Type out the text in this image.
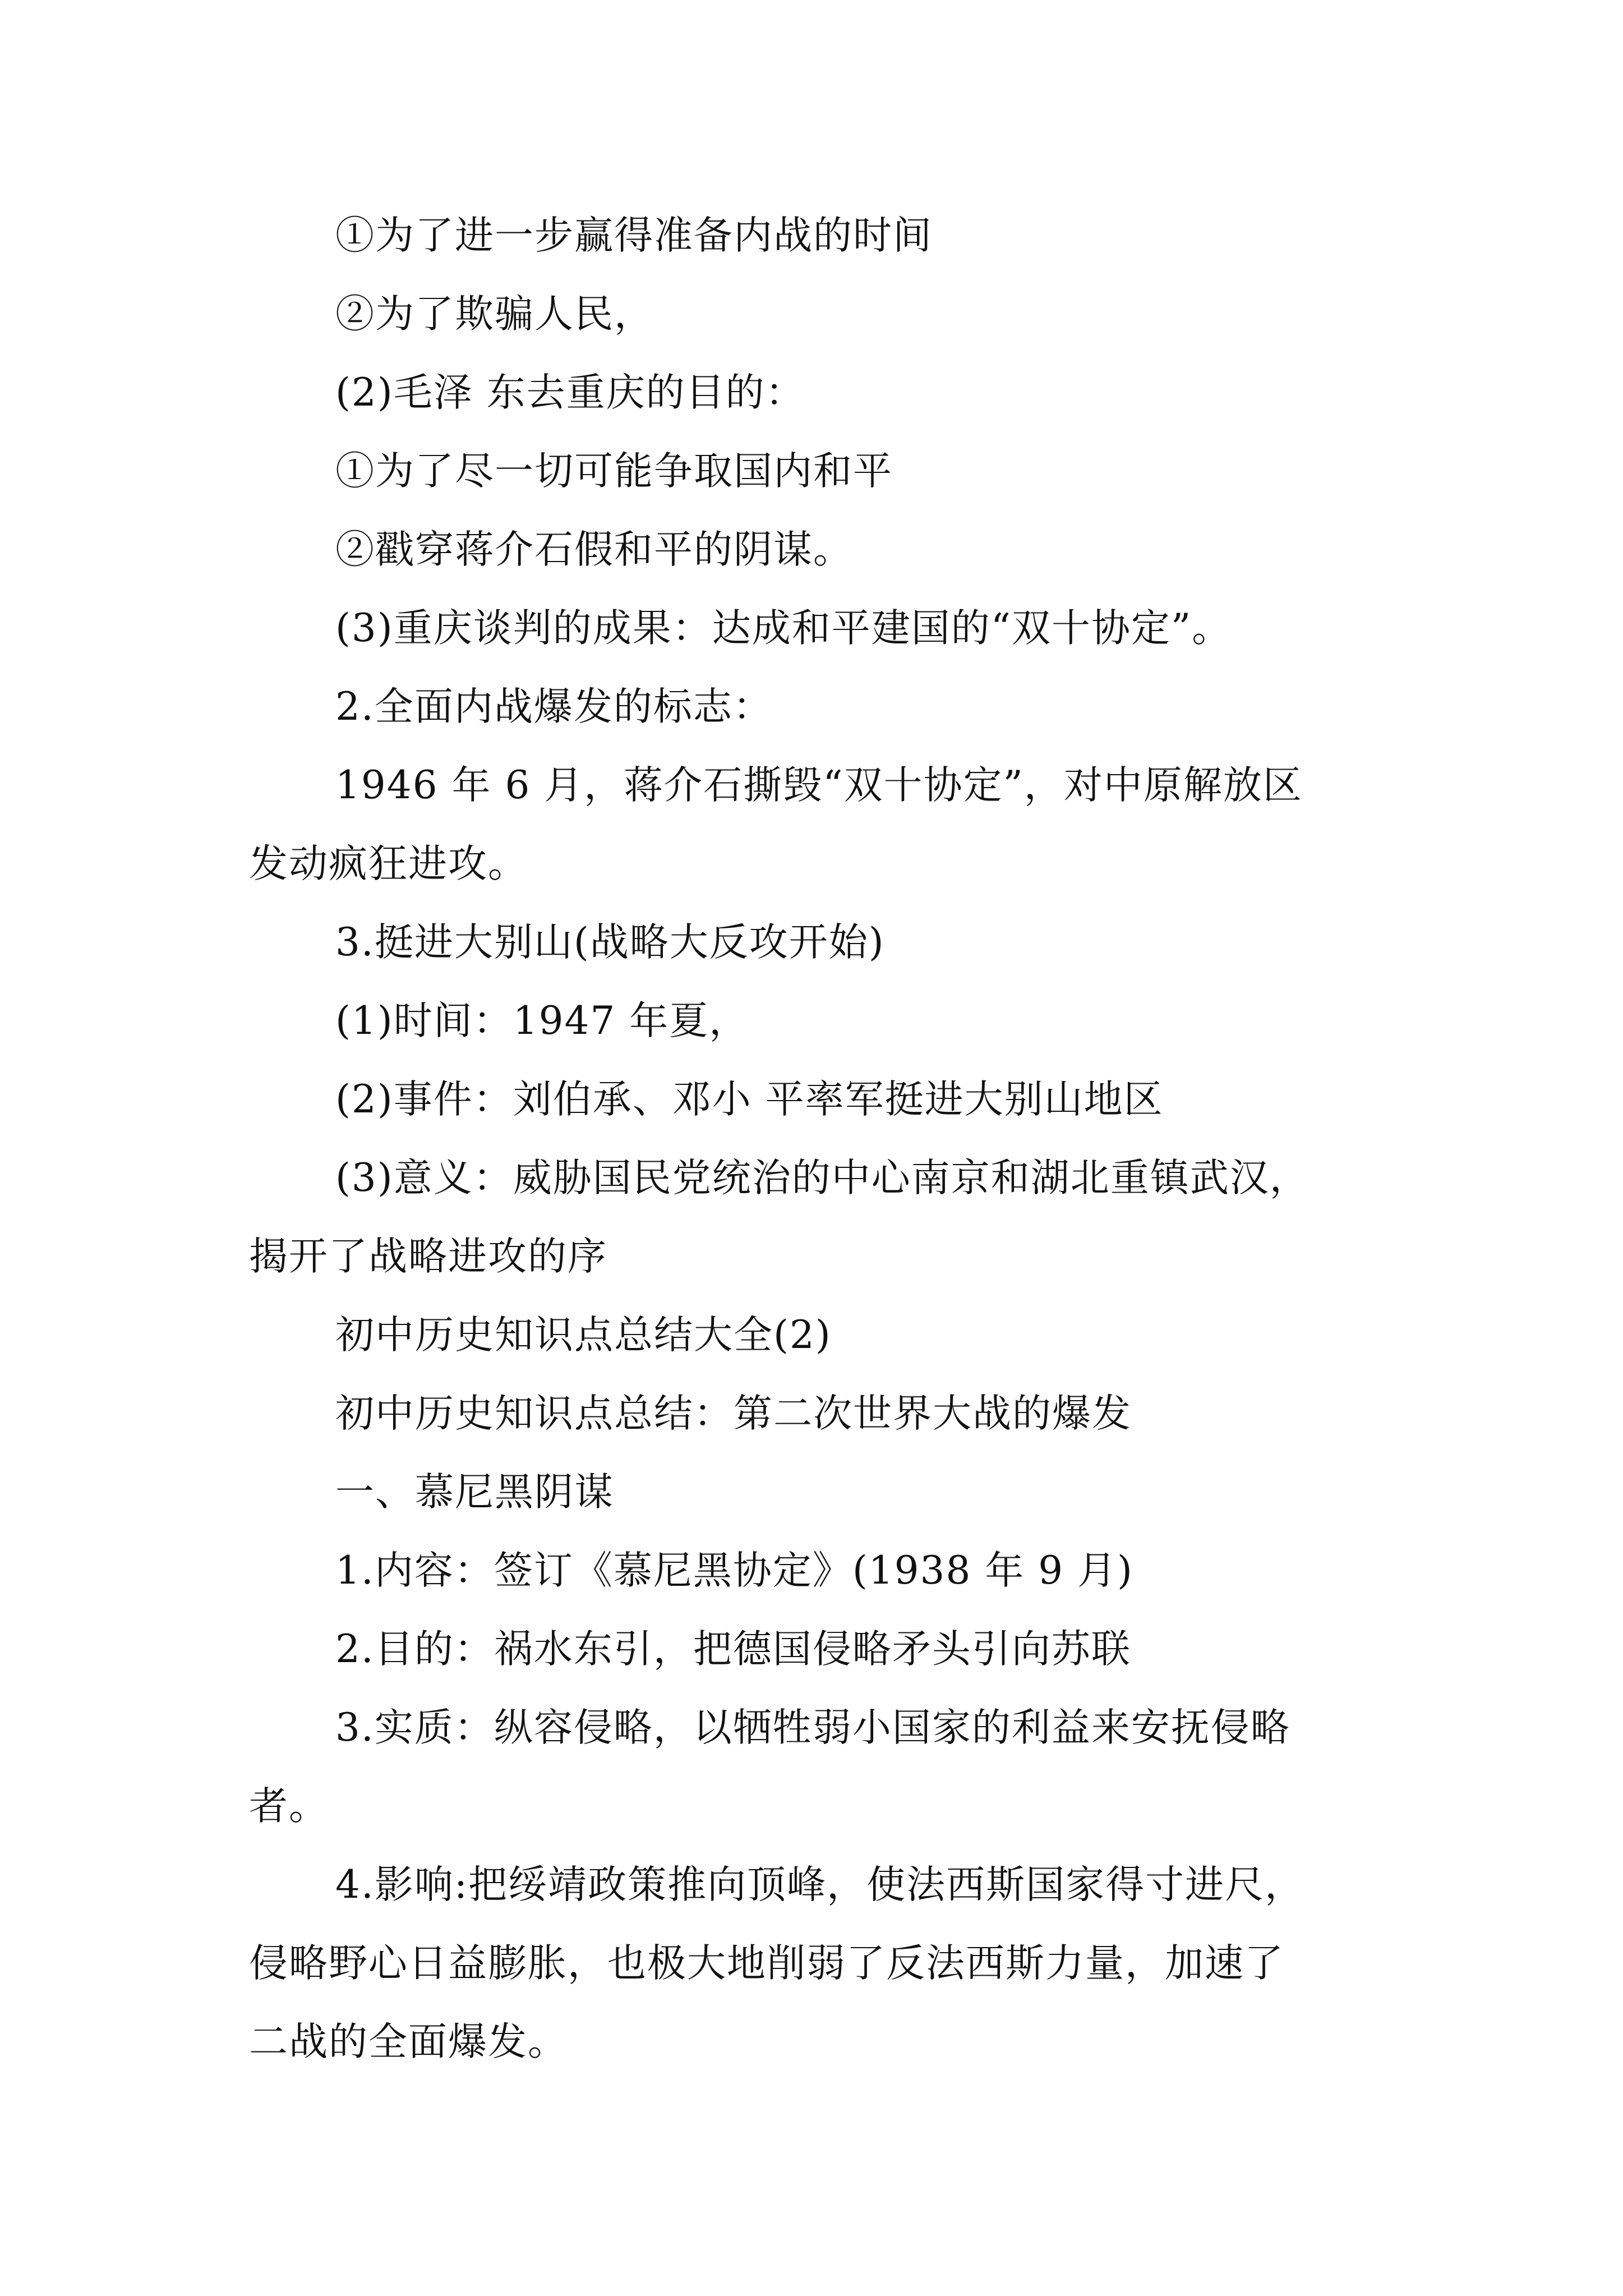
①为了进一步赢得准备内战的时间
②为了欺骗人民，
(2)毛泽 东去重庆的目的：
①为了尽一切可能争取国内和平
②戳穿蒋介石假和平的阴谋。
(3)重庆谈判的成果：达成和平建国的“双十协定”。
2.全面内战爆发的标志：
1946 年 6 月，蒋介石撕毁“双十协定”，对中原解放区
发动疯狂进攻。
3.挺进大别山(战略大反攻开始)
(1)时间：1947 年夏，
(2)事件：刘伯承、邓小 平率军挺进大别山地区
(3)意义：威胁国民党统治的中心南京和湖北重镇武汉，
揭开了战略进攻的序
初中历史知识点总结大全(2)
初中历史知识点总结：第二次世界大战的爆发
一、慕尼黑阴谋
1.内容：签订《慕尼黑协定》(1938 年 9 月)
2.目的：祸水东引，把德国侵略矛头引向苏联
3.实质：纵容侵略，以牺牲弱小国家的利益来安抚侵略
者。
4.影响:把绥靖政策推向顶峰，使法西斯国家得寸进尺，
侵略野心日益膨胀，也极大地削弱了反法西斯力量，加速了
二战的全面爆发。
